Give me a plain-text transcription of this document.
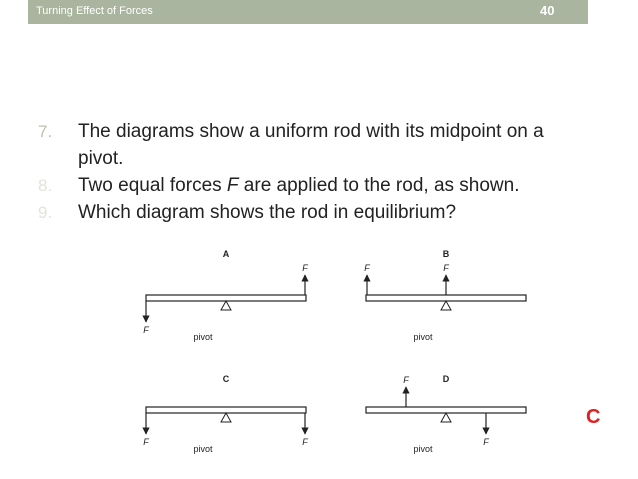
Turning Effect of Forces	40
7. The diagrams show a uniform rod with its midpoint on a
pivot.
8. Two equal forces F are applied to the rod, as shown.
9. Which diagram shows the rod in equilibrium?
A
F
F
pivot
B
F	F
pivot
C
F	F
pivot
D
F
F
pivot
C
